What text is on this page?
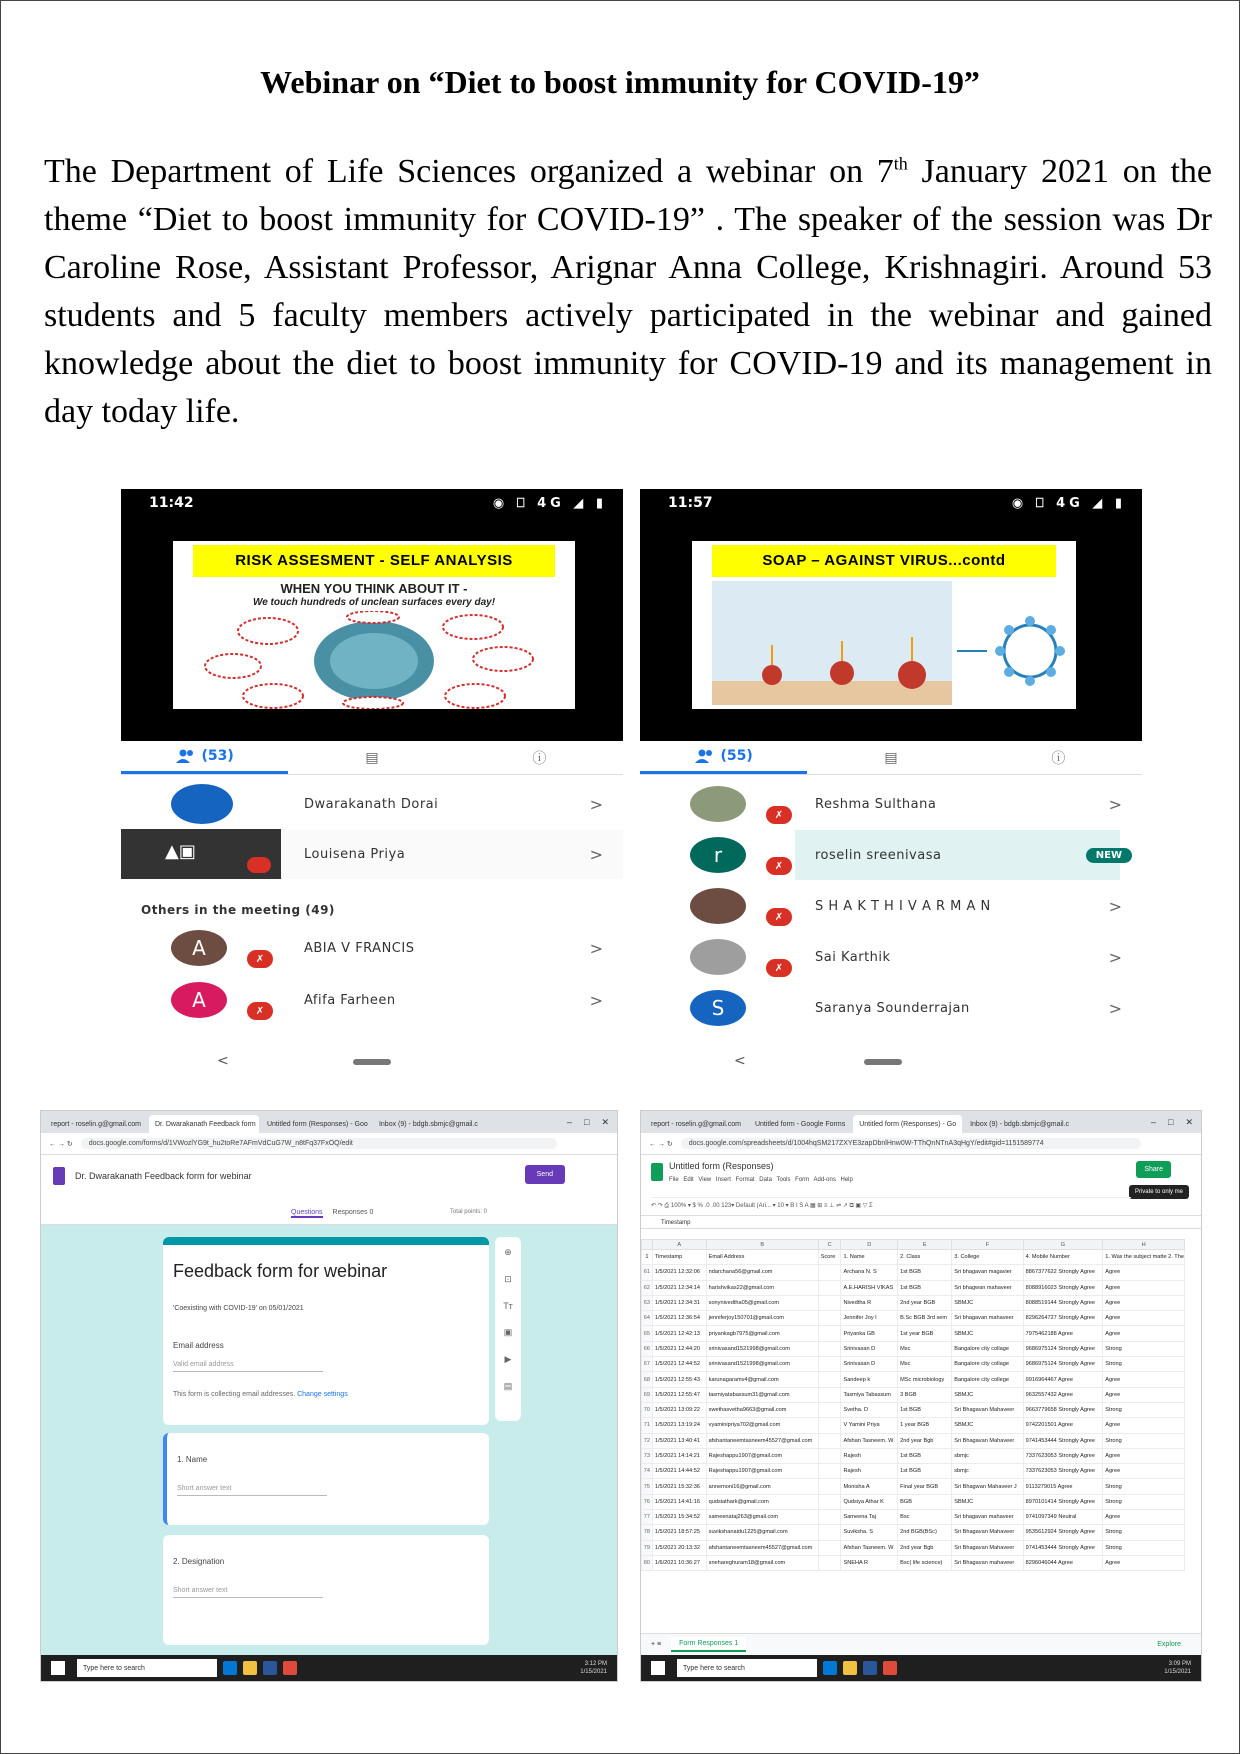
Webinar on “Diet to boost immunity for COVID-19”

The Department of Life Sciences organized a webinar on 7th January 2021 on the theme “Diet to boost immunity for COVID-19” . The speaker of the session was Dr Caroline Rose, Assistant Professor, Arignar Anna College, Krishnagiri. Around 53 students and 5 faculty members actively participated in the webinar and gained knowledge about the diet to boost immunity for COVID-19 and its management in day today life.

11:42	◉ ⎕ 4G ◢ ▮
RISK ASSESMENT - SELF ANALYSIS
WHEN YOU THINK ABOUT IT -
We touch hundreds of unclean surfaces every day!
(53)	▤	ⓘ
Dwarakanath Dorai	>
▲▣	Louisena Priya	>
Others in the meeting (49)
A	✗
ABIA V FRANCIS	>
A	✗
Afifa Farheen	>
<
11:57	◉ ⎕ 4G ◢ ▮
SOAP – AGAINST VIRUS...contd
(55)	▤	ⓘ
✗
Reshma Sulthana	>
r	✗
roselin sreenivasa	NEW
✗
S H A K T H I V A R M A N	>
✗
Sai Karthik	>
S	Saranya Sounderrajan	>
<
report - roselin.g@gmail.com	Dr. Dwarakanath Feedback form	Untitled form (Responses) - Goo	Inbox (9) - bdgb.sbmjc@gmail.c	– □ ✕
← → ↻	docs.google.com/forms/d/1VWozlYG9t_hu2toRe7AFmVdCuG7W_n8tFq37FxOQ/edit
Dr. Dwarakanath Feedback form for webinar	Send
Questions Responses 0	Total points: 0
Feedback form for webinar
'Coexisting with COVID-19' on 05/01/2021
Email address
Valid email address
This form is collecting email addresses. Change settings
⊕
⊡
Tт
▣
▶
▤
1. Name
Short answer text
2. Designation
Short answer text
Type here to search
3:12 PM
1/15/2021
report - roselin.g@gmail.com	Untitled form - Google Forms	Untitled form (Responses) - Go	Inbox (9) - bdgb.sbmjc@gmail.c	– □ ✕
← → ↻	docs.google.com/spreadsheets/d/1004hqSM217ZXYE3zapDbnlHnw0W-TThQnNTnA3qHgY/edit#gid=1151589774
Untitled form (Responses)
File Edit View Insert Format Data Tools Form Add-ons Help
Share
Private to only me
↶ ↷ ⎙ 100% ▾ $ % .0 .00 123▾ Default (Ari... ▾ 10 ▾ B I S A ▦ ⊞ ≡ ⊥ ⇌ ↗ ⧉ ▣ ▽ Σ
Timestamp
	A	B	C	D	E	F	G	H
1	Timestamp	Email Address	Score	1. Name	2. Class	3. College	4. Mobile Number	1. Was the subject matte 2. The
61	1/5/2021 12:32:06	ndarchana56@gmail.com		Archana N. S	1st BGB	Sri bhagavan magavier	8867377622 Strongly Agree	Agree
62	1/5/2021 12:34:14	harishvikas22@gmail.com		A.E.HARISH VIKAS	1st BGB	Sri bhagwan mahaveer	8088916023 Strongly Agree	Agree
63	1/5/2021 12:34:31	sonynivedtha05@gmail.com		Nivedtha R	2nd year BGB	SBMJC	8088519144 Strongly Agree	Agree
64	1/5/2021 12:36:54	jenniferjoy150701@gmail.com		Jennifer Joy I	B.Sc BGB 3rd sem	Sri bhagavan mahaveer	8296264727 Strongly Agree	Agree
65	1/5/2021 12:42:13	priyankagb7975@gmail.com		Priyanka GB	1st year BGB	SBMJC	7975462188 Agree	Agree
66	1/5/2021 12:44:20	srinivasand1521998@gmail.com		Srinivasan D	Msc	Bangalore city collage	9686975124 Strongly Agree	Strong
67	1/5/2021 12:44:52	srinivasand1521998@gmail.com		Srinivasan D	Msc	Bangalore city collage	9686975124 Strongly Agree	Strong
68	1/5/2021 12:55:43	karunagaramv4@gmail.com		Sandeep k	MSc microbiology	Bangalore city college	9916964467 Agree	Agree
69	1/5/2021 12:55:47	tasmiyatabassum31@gmail.com		Tasmiya Tabassum	3 BGB	SBMJC	9632557432 Agree	Agree
70	1/5/2021 13:09:22	swethasvetha9663@gmail.com		Svetha. D	1st BGB	Sri Bhagavan Mahaveer	9663779658 Strongly Agree	Strong
71	1/5/2021 13:19:24	vyaminipriya702@gmail.com		V Yamini Priya	1 year BGB	SBMJC	9742201501 Agree	Agree
72	1/5/2021 13:40:41	afshantaneemtasneem45527@gmail.com		Afshan Tasneem. W	2nd year Bgb	Sri Bhagavan Mahaveer	9741453444 Strongly Agree	Strong
73	1/5/2021 14:14:21	Rajeshappu1907@gmail.com		Rajesh	1st BGB	sbmjc	7337623053 Strongly Agree	Agree
74	1/5/2021 14:44:52	Rajeshappu1907@gmail.com		Rajesh	1st BGB	sbmjc	7337623053 Strongly Agree	Agree
75	1/5/2021 15:32:36	annemoni16@gmail.com		Monisha A	Final year BGB	Sri Bhagwan Mahaveer J	9113279015 Agree	Strong
76	1/5/2021 14:41:16	qudsiathark@gmail.com		Qudsiya Athar K	BGB	SBMJC	8970101414 Strongly Agree	Strong
77	1/5/2021 15:34:52	sameenataj263@gmail.com		Sameena Taj	Bsc	Sri bhagavan mahaveer	9741097349 Neutral	Agree
78	1/5/2021 18:57:25	suvikshanaidu1225@gmail.com		Suviksha. S	2nd BGB(BSc)	Sri Bhagavan Mahaveer	9535612924 Strongly Agree	Strong
79	1/5/2021 20:13:32	afshantaneemtasneem45527@gmail.com		Afshan Tasneem. W	2nd year Bgb	Sri Bhagavan Mahaveer	9741453444 Strongly Agree	Strong
80	1/6/2021 10:36:27	snehareghuram18@gmail.com		SNEHA R	Bsc( life science)	Sri Bhagavan mahaveer	8296046044 Agree	Agree
+ ≡	Form Responses 1	Explore
Type here to search
3:09 PM
1/15/2021
